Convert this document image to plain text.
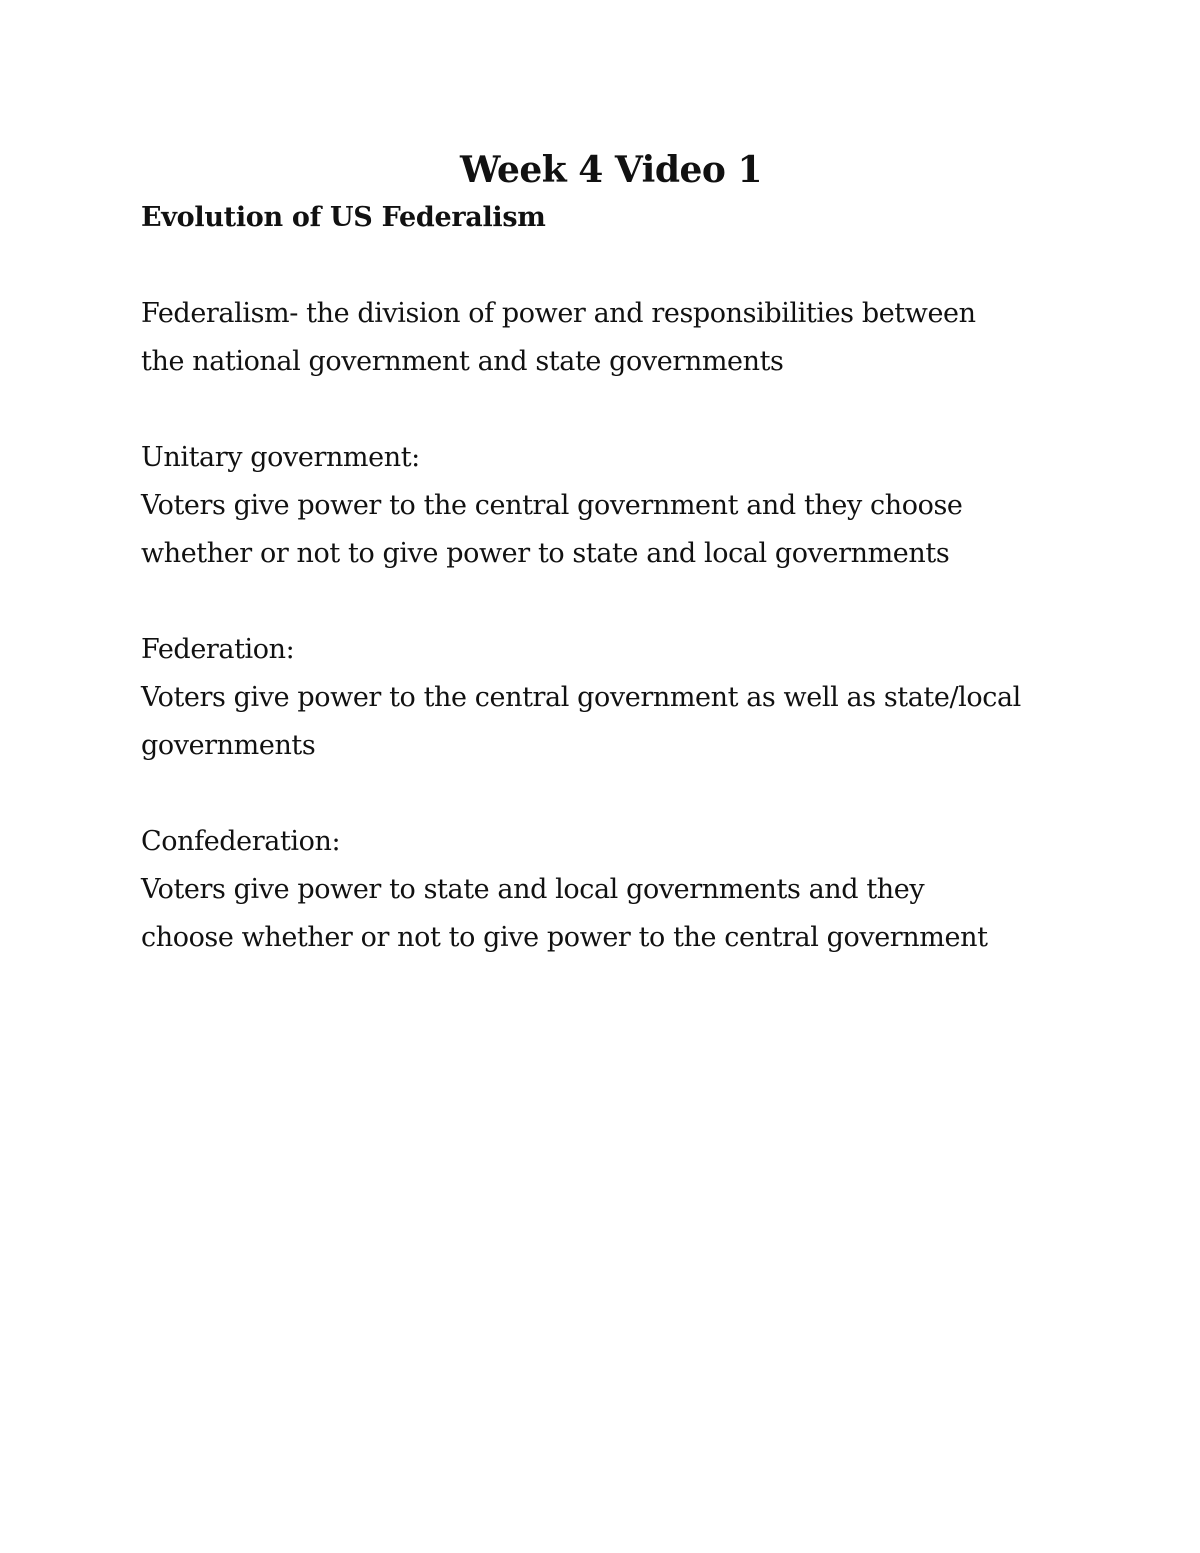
Week 4 Video 1
Evolution of US Federalism

Federalism- the division of power and responsibilities between

the national government and state governments

Unitary government:

Voters give power to the central government and they choose

whether or not to give power to state and local governments

Federation:

Voters give power to the central government as well as state/local

governments

Confederation:

Voters give power to state and local governments and they

choose whether or not to give power to the central government
